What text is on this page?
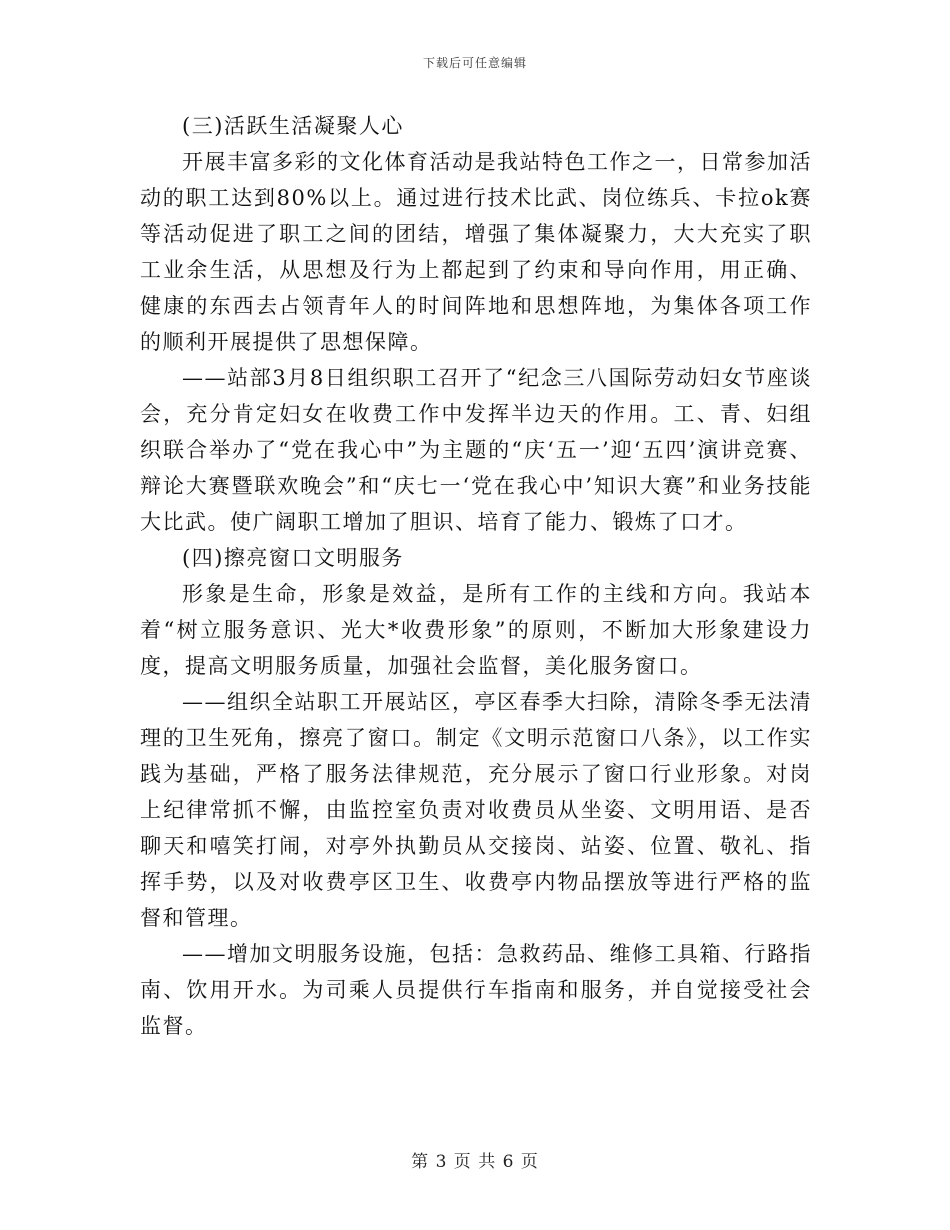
下载后可任意编辑

(三)活跃生活凝聚人心

开展丰富多彩的文化体育活动是我站特色工作之一，日常参加活动的职工达到80%以上。通过进行技术比武、岗位练兵、卡拉ok赛等活动促进了职工之间的团结，增强了集体凝聚力，大大充实了职工业余生活，从思想及行为上都起到了约束和导向作用，用正确、健康的东西去占领青年人的时间阵地和思想阵地，为集体各项工作的顺利开展提供了思想保障。

——站部3月8日组织职工召开了“纪念三八国际劳动妇女节座谈会，充分肯定妇女在收费工作中发挥半边天的作用。工、青、妇组织联合举办了“党在我心中”为主题的“庆‘五一’迎‘五四’演讲竞赛、辩论大赛暨联欢晚会”和“庆七一‘党在我心中’知识大赛”和业务技能大比武。使广阔职工增加了胆识、培育了能力、锻炼了口才。

(四)擦亮窗口文明服务

形象是生命，形象是效益，是所有工作的主线和方向。我站本着“树立服务意识、光大*收费形象”的原则，不断加大形象建设力度，提高文明服务质量，加强社会监督，美化服务窗口。

——组织全站职工开展站区，亭区春季大扫除，清除冬季无法清理的卫生死角，擦亮了窗口。制定《文明示范窗口八条》，以工作实践为基础，严格了服务法律规范，充分展示了窗口行业形象。对岗上纪律常抓不懈，由监控室负责对收费员从坐姿、文明用语、是否聊天和嘻笑打闹，对亭外执勤员从交接岗、站姿、位置、敬礼、指挥手势，以及对收费亭区卫生、收费亭内物品摆放等进行严格的监督和管理。

——增加文明服务设施，包括：急救药品、维修工具箱、行路指南、饮用开水。为司乘人员提供行车指南和服务，并自觉接受社会监督。

第 3 页 共 6 页
